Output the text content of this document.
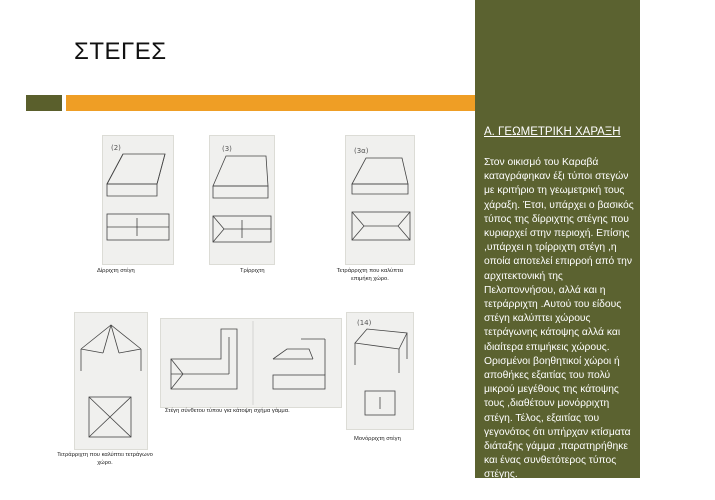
ΣΤΕΓΕΣ
Α. ΓΕΩΜΕΤΡΙΚΗ ΧΑΡΑΞΗ
Στον οικισμό του Καραβά καταγράφηκαν έξι τύποι στεγών με κριτήριο τη γεωμετρική τους χάραξη. Έτσι, υπάρχει ο βασικός τύπος της δίρριχτης στέγης που κυριαρχεί στην περιοχή. Επίσης ,υπάρχει η τρίρριχτη στέγη ,η οποία αποτελεί επιρροή από την αρχιτεκτονική της Πελοποννήσου, αλλά και η τετράρριχτη .Αυτού του είδους στέγη καλύπτει χώρους τετράγωνης κάτοψης αλλά και ιδιαίτερα επιμήκεις χώρους. Ορισμένοι βοηθητικοί χώροι ή αποθήκες εξαιτίας του πολύ μικρού μεγέθους της κάτοψης τους ,διαθέτουν μονόρριχτη στέγη. Τέλος, εξαιτίας του γεγονότος ότι υπήρχαν κτίσματα διάταξης γάμμα ,παρατηρήθηκε και ένας συνθετότερος τύπος στέγης.
(2)
Δίρριχτη στέγη
(3)
Τρίρριχτη
(3α)
Τετράρριχτη που καλύπτει επιμήκη χώρο.
Τετράρριχτη που καλύπτει τετράγωνο χώρο.
Στέγη σύνθετου τύπου για κάτοψη σχήμα γάμμα.
(14)
Μονόρριχτη στέγη
